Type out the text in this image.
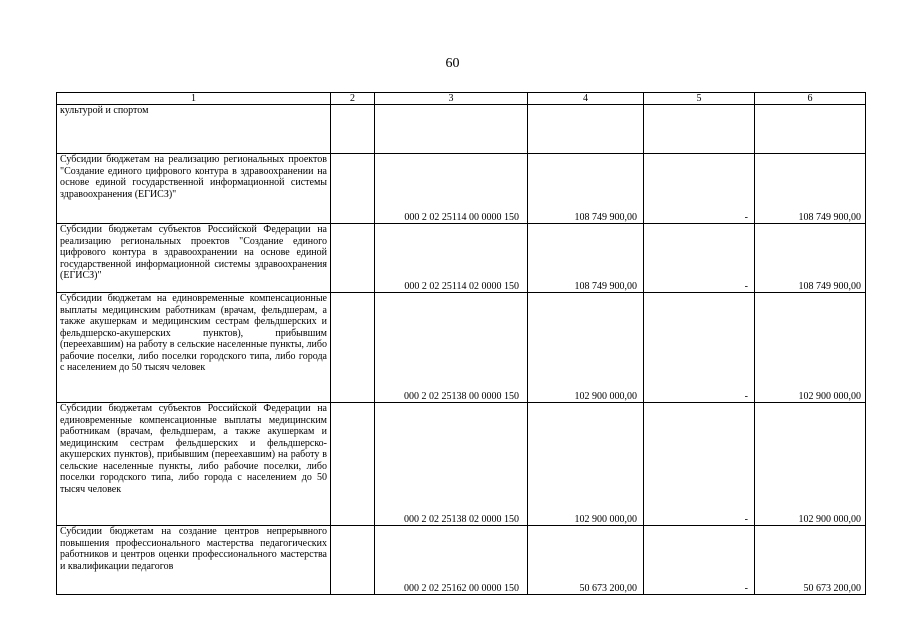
60
1	2	3	4	5	6
культурой и спортом					
Субсидии бюджетам на реализацию региональных проектов "Создание единого цифрового контура в здравоохранении на основе единой государственной информационной системы здравоохранения (ЕГИСЗ)"		000 2 02 25114 00 0000 150	108 749 900,00	-	108 749 900,00
Субсидии бюджетам субъектов Российской Федерации на реализацию региональных проектов "Создание единого цифрового контура в здравоохранении на основе единой государственной информационной системы здравоохранения (ЕГИСЗ)"		000 2 02 25114 02 0000 150	108 749 900,00	-	108 749 900,00
Субсидии бюджетам на единовременные компенсационные выплаты медицинским работникам (врачам, фельдшерам, а также акушеркам и медицинским сестрам фельдшерских и фельдшерско-акушерских пунктов), прибывшим (переехавшим) на работу в сельские населенные пункты, либо рабочие поселки, либо поселки городского типа, либо города с населением до 50 тысяч человек		000 2 02 25138 00 0000 150	102 900 000,00	-	102 900 000,00
Субсидии бюджетам субъектов Российской Федерации на единовременные компенсационные выплаты медицинским работникам (врачам, фельдшерам, а также акушеркам и медицинским сестрам фельдшерских и фельдшерско-акушерских пунктов), прибывшим (переехавшим) на работу в сельские населенные пункты, либо рабочие поселки, либо поселки городского типа, либо города с населением до 50 тысяч человек		000 2 02 25138 02 0000 150	102 900 000,00	-	102 900 000,00
Субсидии бюджетам на создание центров непрерывного повышения профессионального мастерства педагогических работников и центров оценки профессионального мастерства и квалификации педагогов		000 2 02 25162 00 0000 150	50 673 200,00	-	50 673 200,00
